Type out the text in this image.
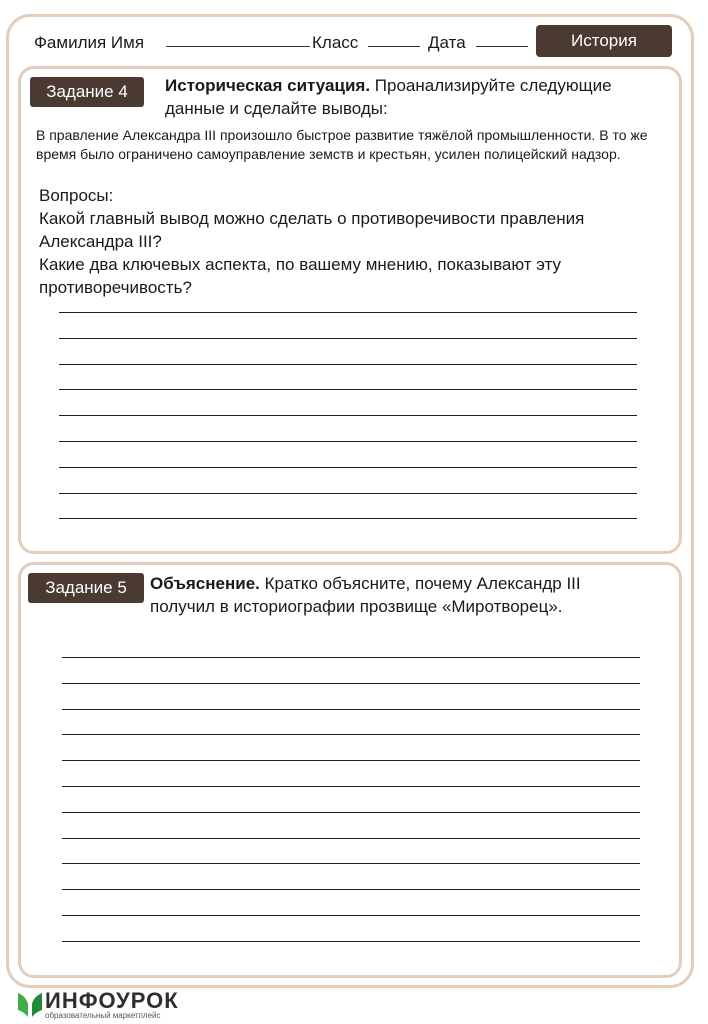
Фамилия Имя	Класс	Дата	История
Задание 4	Историческая ситуация. Проанализируйте следующие данные и сделайте выводы:
В правление Александра III произошло быстрое развитие тяжёлой промышленности. В то же время было ограничено самоуправление земств и крестьян, усилен полицейский надзор.

Вопросы:

Какой главный вывод можно сделать о противоречивости правления Александра III?

Какие два ключевых аспекта, по вашему мнению, показывают эту противоречивость?

Задание 5	Объяснение. Кратко объясните, почему Александр III получил в историографии прозвище «Миротворец».
ИНФОУРОК
образовательный маркетплейс
